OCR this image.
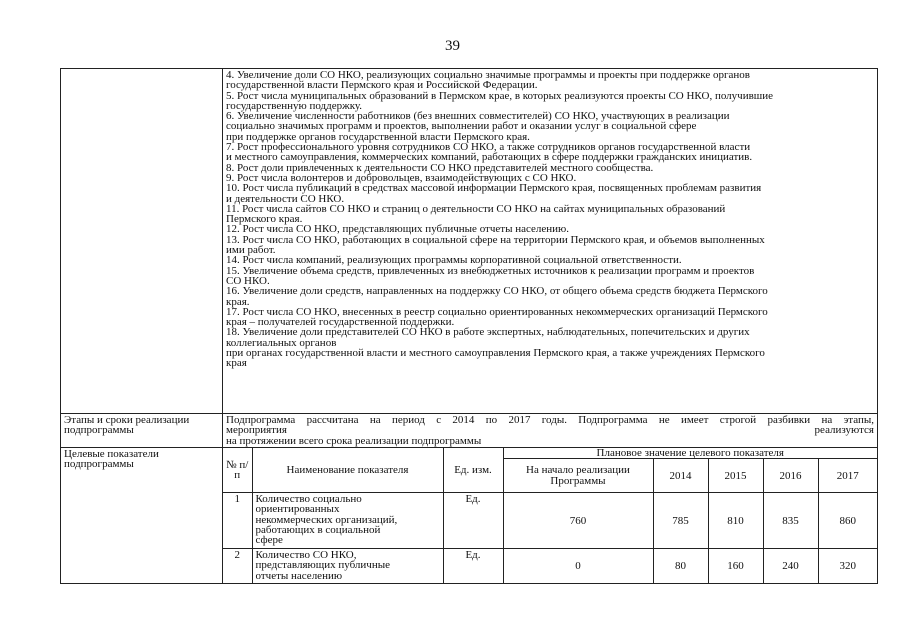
39

4. Увеличение доли СО НКО, реализующих социально значимые программы и проекты при поддержке органов
государственной власти Пермского края и Российской Федерации.
5. Рост числа муниципальных образований в Пермском крае, в которых реализуются проекты СО НКО, получившие
государственную поддержку.
6. Увеличение численности работников (без внешних совместителей) СО НКО, участвующих в реализации
социально значимых программ и проектов, выполнении работ и оказании услуг в социальной сфере
при поддержке органов государственной власти Пермского края.
7. Рост профессионального уровня сотрудников СО НКО, а также сотрудников органов государственной власти
и местного самоуправления, коммерческих компаний, работающих в сфере поддержки гражданских инициатив.
8. Рост доли привлеченных к деятельности СО НКО представителей местного сообщества.
9. Рост числа волонтеров и добровольцев, взаимодействующих с СО НКО.
10. Рост числа публикаций в средствах массовой информации Пермского края, посвященных проблемам развития
и деятельности СО НКО.
11. Рост числа сайтов СО НКО и страниц о деятельности СО НКО на сайтах муниципальных образований
Пермского края.
12. Рост числа СО НКО, представляющих публичные отчеты населению.
13. Рост числа СО НКО, работающих в социальной сфере на территории Пермского края, и объемов выполненных
ими работ.
14. Рост числа компаний, реализующих программы корпоративной социальной ответственности.
15. Увеличение объема средств, привлеченных из внебюджетных источников к реализации программ и проектов
СО НКО.
16. Увеличение доли средств, направленных на поддержку СО НКО, от общего объема средств бюджета Пермского
края.
17. Рост числа СО НКО, внесенных в реестр социально ориентированных некоммерческих организаций Пермского
края – получателей государственной поддержки.
18. Увеличение доли представителей СО НКО в работе экспертных, наблюдательных, попечительских и других
коллегиальных органов
при органах государственной власти и местного самоуправления Пермского края, а также учреждениях Пермского
края

Этапы и сроки реализации подпрограммы	
Подпрограмма рассчитана на период с 2014 по 2017 годы. Подпрограмма не имеет строгой разбивки на этапы,
мероприятия	реализуются
на протяжении всего срока реализации подпрограммы

Целевые показатели подпрограммы		№ п/п	Наименование показателя	Ед. изм.	Плановое значение целевого показателя
На начало реализации Программы	2014	2015	2016	2017
1	Количество социально ориентированных некоммерческих организаций, работающих в социальной сфере	Ед.	760	785	810	835	860
2	Количество СО НКО, представляющих публичные отчеты населению	Ед.	0	80	160	240	320
